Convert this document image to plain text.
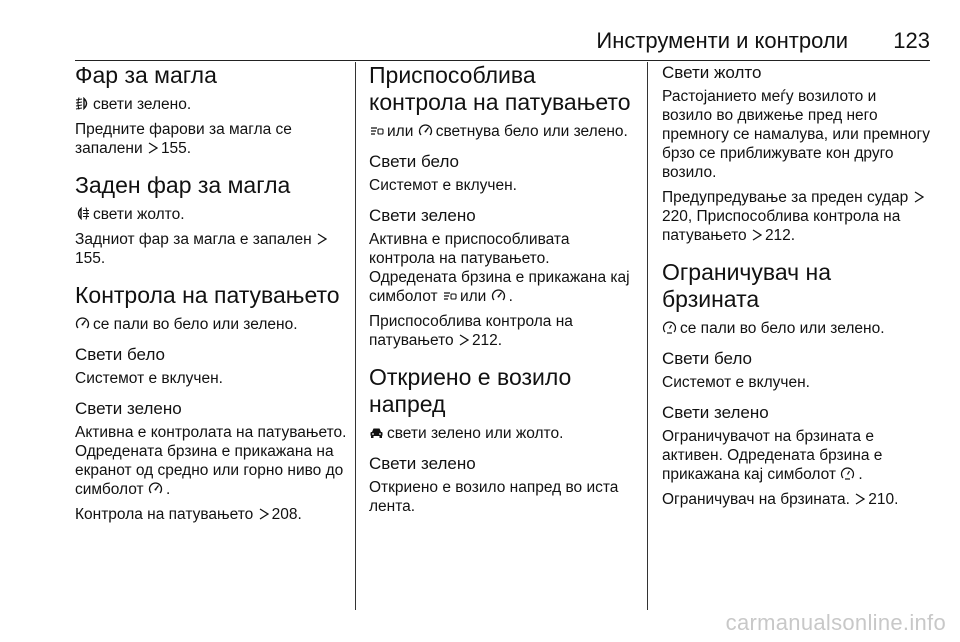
Инструменти и контроли 123
Фар за магла

свети зелено.

Предните фарови за магла се запалени 155.

Заден фар за магла

свети жолто.

Задниот фар за магла е запален
155.

Контрола на патувањето

се пали во бело или зелено.

Свети бело

Системот е вклучен.

Свети зелено

Активна е контролата на патувањето. Одредената брзина е прикажана на екранот од средно или горно ниво до симболот .

Контрола на патувањето 208.

Приспособлива контрола на патувањето

или светнува бело или зелено.

Свети бело

Системот е вклучен.

Свети зелено

Активна е приспособливата контрола на патувањето.

Одредената брзина е прикажана кај симболот или .

Приспособлива контрола на патувањето 212.

Откриено е возило напред

свети зелено или жолто.

Свети зелено

Откриено е возило напред во иста лента.

Свети жолто

Растојанието меѓу возилото и возило во движење пред него премногу се намалува, или премногу брзо се приближувате кон друго возило.

Предупредување за преден судар
220, Приспособлива контрола на патувањето 212.

Ограничувач на брзината

се пали во бело или зелено.

Свети бело

Системот е вклучен.

Свети зелено

Ограничувачот на брзината е активен. Одредената брзина е прикажана кај симболот .

Ограничувач на брзината. 210.

carmanualsonline.info
